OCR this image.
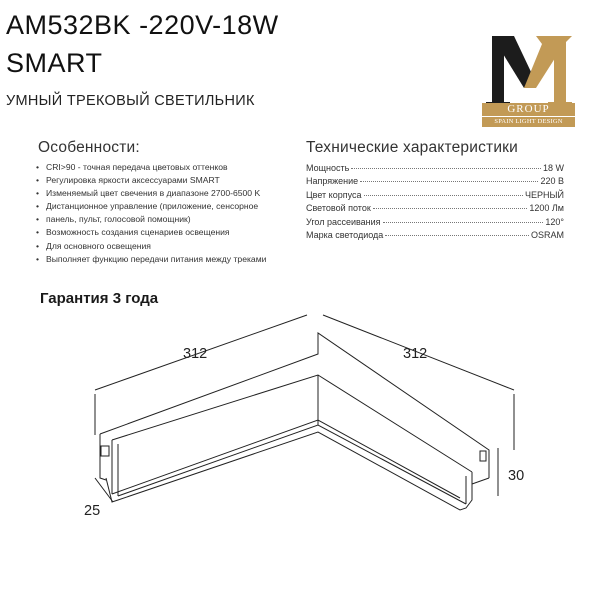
AM532BK -220V-18W
SMART
УМНЫЙ ТРЕКОВЫЙ СВЕТИЛЬНИК	GROUP
SPAIN LIGHT DESIGN
Особенности:
• CRI>90 - точная передача цветовых оттенков
• Регулировка яркости аксессуарами SMART
• Изменяемый цвет свечения в диапазоне 2700-6500 K
• Дистанционное управление (приложение, сенсорное
• панель, пульт, голосовой помощник)
• Возможность создания сценариев освещения
• Для основного освещения
• Выполняет функцию передачи питания между треками
Технические характеристики
Мощность	18 W
Напряжение	220 В
Цвет корпуса	ЧЕРНЫЙ
Световой поток	1200 Лм
Угол рассеивания	120°
Марка светодиода	OSRAM
Гарантия 3 года
312	312
30
25
